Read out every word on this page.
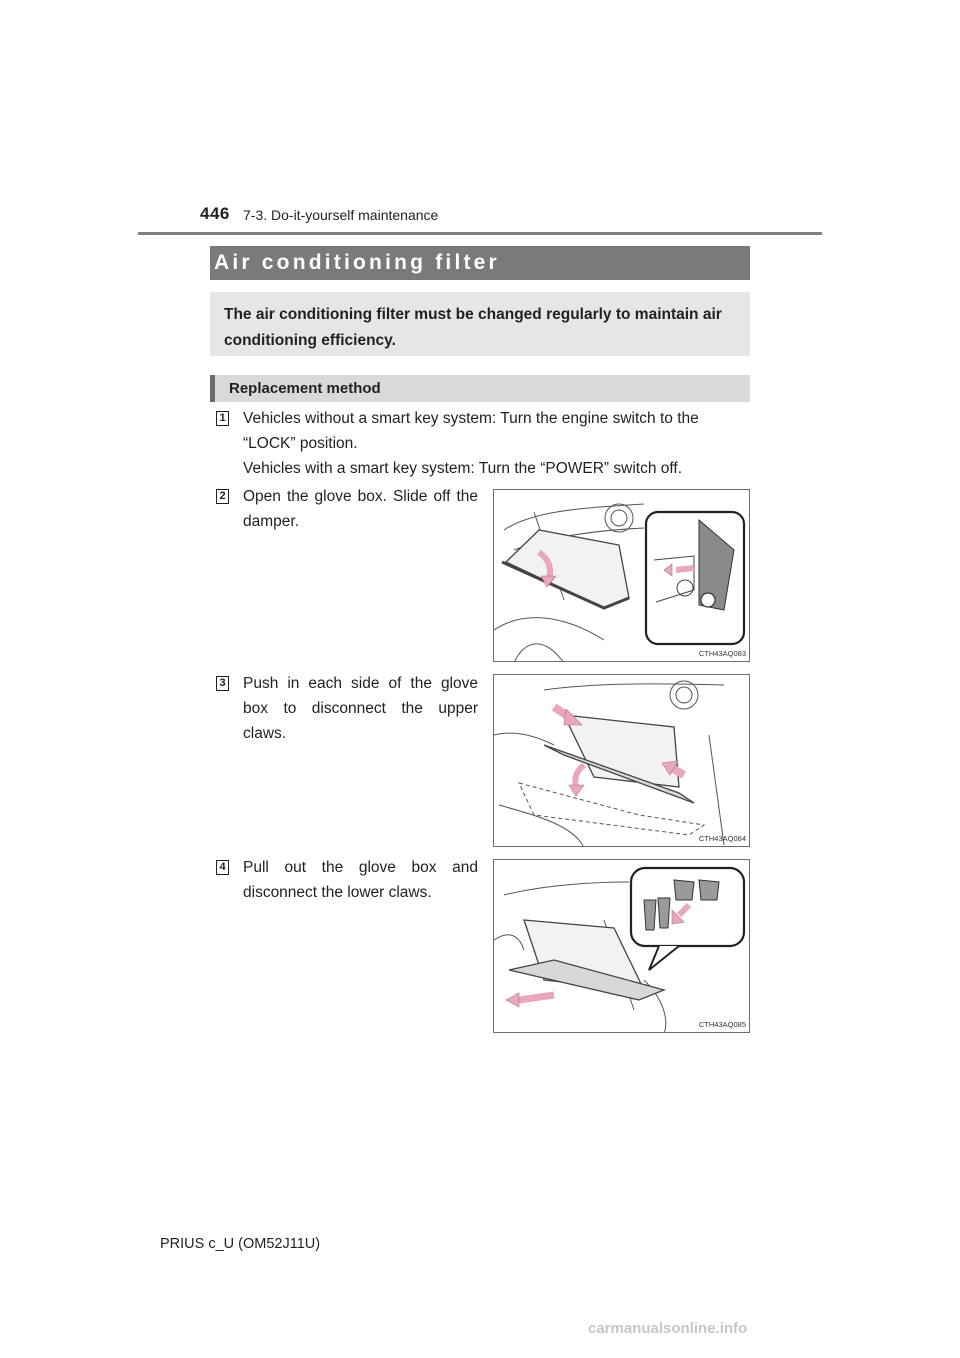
446 7-3. Do-it-yourself maintenance
Air conditioning filter
The air conditioning filter must be changed regularly to maintain air conditioning efficiency.
Replacement method
1 Vehicles without a smart key system: Turn the engine switch to the “LOCK” position.
Vehicles with a smart key system: Turn the “POWER” switch off.
2 Open the glove box. Slide off the damper.
CTH43AQ083
3 Push in each side of the glove box to disconnect the upper claws.
CTH43AQ084
4 Pull out the glove box and disconnect the lower claws.
CTH43AQ085
PRIUS c_U (OM52J11U)
carmanualsonline.info
